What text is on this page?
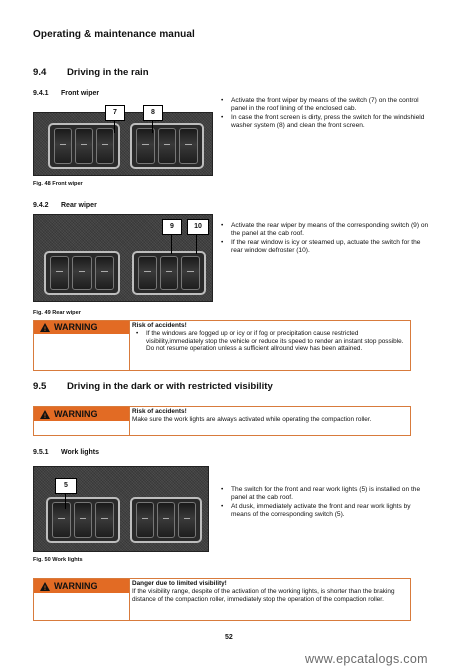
Operating & maintenance manual
9.4 Driving in the rain
9.4.1 Front wiper
7	8
Fig. 48 Front wiper
• Activate the front wiper by means of the switch (7) on the control panel in the roof lining of the enclosed cab.
• In case the front screen is dirty, press the switch for the windshield washer system (8) and clean the front screen.
9.4.2 Rear wiper
9	10
Fig. 49 Rear wiper
• Activate the rear wiper by means of the corresponding switch (9) on the panel at the cab roof.
• If the rear window is icy or steamed up, actuate the switch for the rear window defroster (10).
! WARNING	Risk of accidents!
• If the windows are fogged up or icy or if fog or precipitation cause restricted visibility,immediately stop the vehicle or reduce its speed to render an instant stop possible. Do not resume operation unless a sufficient allround view has been attained.
9.5 Driving in the dark or with restricted visibility
! WARNING	Risk of accidents!
Make sure the work lights are always activated while operating the compaction roller.
9.5.1 Work lights
5
Fig. 50 Work lights
• The switch for the front and rear work lights (5) is installed on the panel at the cab roof.
• At dusk, immediately activate the front and rear work lights by means of the corresponding switch (5).
! WARNING	Danger due to limited visibility!
If the visibility range, despite of the activation of the working lights, is shorter than the braking distance of the compaction roller, immediately stop the operation of the compaction roller.
52
www.epcatalogs.com
